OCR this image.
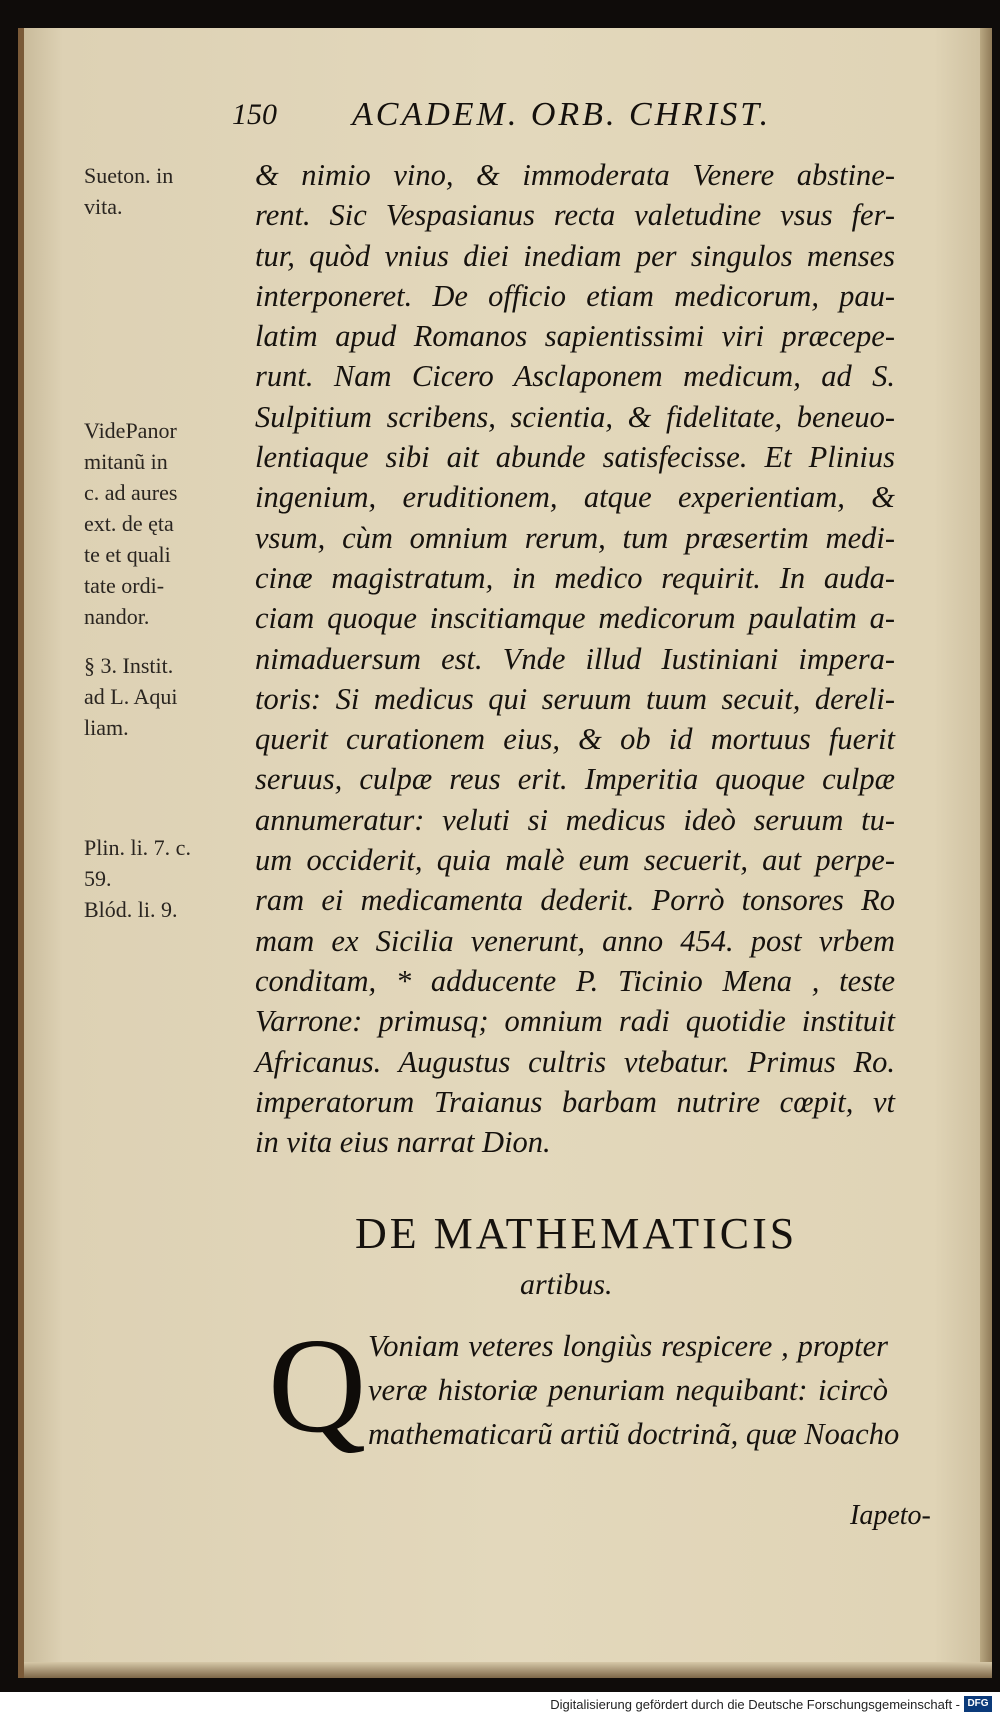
150 ACADEM. ORB. CHRIST.
& nimio vino, & immoderata Venere abstine-
rent. Sic Vespasianus recta valetudine vsus fer-
tur, quòd vnius diei inediam per singulos menses
interponeret. De officio etiam medicorum, pau-
latim apud Romanos sapientissimi viri præcepe-
runt. Nam Cicero Asclaponem medicum, ad S.
Sulpitium scribens, scientia, & fidelitate, beneuo-
lentiaque sibi ait abunde satisfecisse. Et Plinius
ingenium, eruditionem, atque experientiam, &
vsum, cùm omnium rerum, tum præsertim medi-
cinæ magistratum, in medico requirit. In auda-
ciam quoque inscitiamque medicorum paulatim a-
nimaduersum est. Vnde illud Iustiniani impera-
toris: Si medicus qui seruum tuum secuit, dereli-
querit curationem eius, & ob id mortuus fuerit
seruus, culpæ reus erit. Imperitia quoque culpæ
annumeratur: veluti si medicus ideò seruum tu-
um occiderit, quia malè eum secuerit, aut perpe-
ram ei medicamenta dederit. Porrò tonsores Ro
mam ex Sicilia venerunt, anno 454. post vrbem
conditam, * adducente P. Ticinio Mena , teste
Varrone: primusq; omnium radi quotidie instituit
Africanus. Augustus cultris vtebatur. Primus Ro.
imperatorum Traianus barbam nutrire cœpit, vt
in vita eius narrat Dion.
Sueton. in
vita.
VidePanor
mitanũ in
c. ad aures
ext. de ęta
te et quali
tate ordi-
nandor.
§ 3. Instit.
ad L. Aqui
liam.
Plin. li. 7. c.
59.
Blód. li. 9.
DE MATHEMATICIS
artibus.
Q Voniam veteres longiùs respicere , propter
veræ historiæ penuriam nequibant: icircò
mathematicarũ artiũ doctrinã, quæ Noacho
Iapeto-
Digitalisierung gefördert durch die Deutsche Forschungsgemeinschaft - DFG
